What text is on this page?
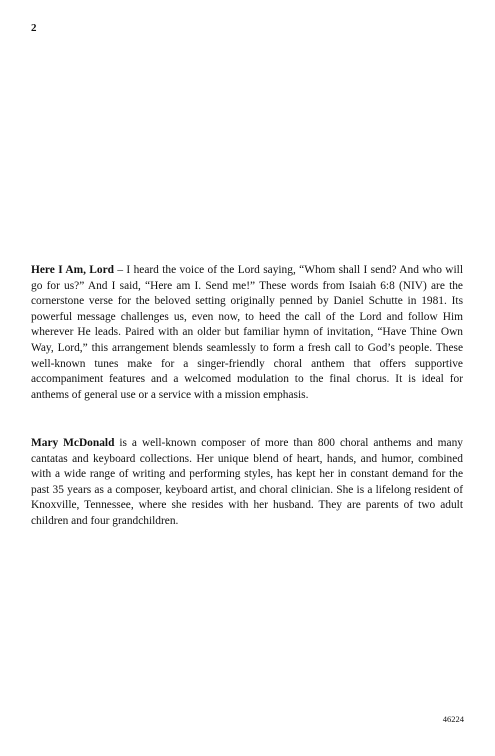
2

Here I Am, Lord – I heard the voice of the Lord saying, “Whom shall I send? And who will go for us?” And I said, “Here am I. Send me!” These words from Isaiah 6:8 (NIV) are the cornerstone verse for the beloved setting originally penned by Daniel Schutte in 1981. Its powerful message challenges us, even now, to heed the call of the Lord and follow Him wherever He leads. Paired with an older but familiar hymn of invitation, “Have Thine Own Way, Lord,” this arrangement blends seamlessly to form a fresh call to God’s people. These well-known tunes make for a singer-friendly choral anthem that offers supportive accompaniment features and a welcomed modulation to the final chorus. It is ideal for anthems of general use or a service with a mission emphasis.

Mary McDonald is a well-known composer of more than 800 choral anthems and many cantatas and keyboard collections. Her unique blend of heart, hands, and humor, combined with a wide range of writing and performing styles, has kept her in constant demand for the past 35 years as a composer, keyboard artist, and choral clinician. She is a lifelong resident of Knoxville, Tennessee, where she resides with her husband. They are parents of two adult children and four grandchildren.

46224
